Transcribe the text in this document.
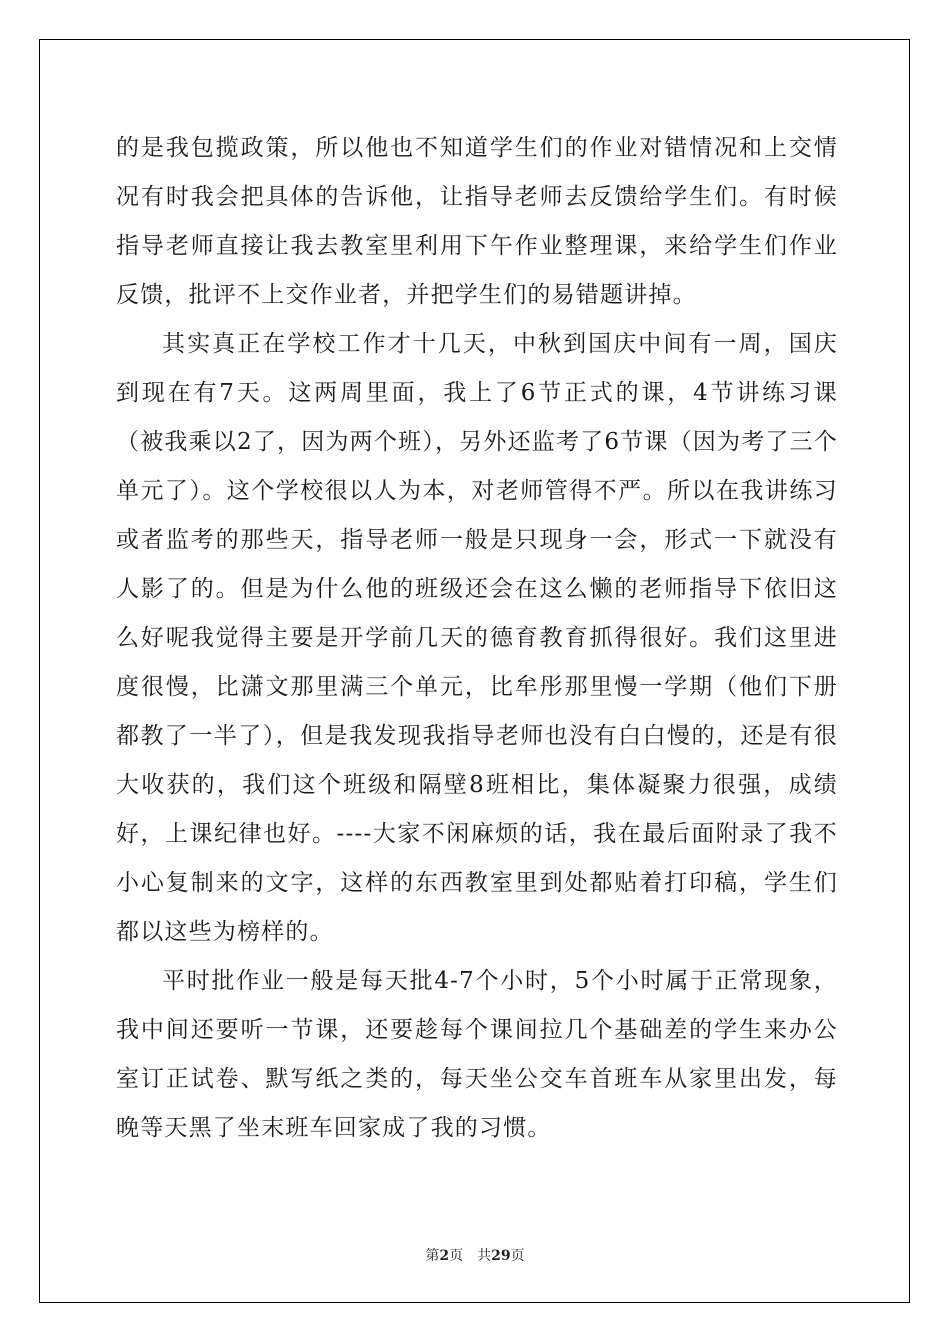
的是我包揽政策，所以他也不知道学生们的作业对错情况和上交情况有时我会把具体的告诉他，让指导老师去反馈给学生们。有时候指导老师直接让我去教室里利用下午作业整理课，来给学生们作业反馈，批评不上交作业者，并把学生们的易错题讲掉。

其实真正在学校工作才十几天，中秋到国庆中间有一周，国庆到现在有7天。这两周里面，我上了6节正式的课，4节讲练习课（被我乘以2了，因为两个班），另外还监考了6节课（因为考了三个单元了）。这个学校很以人为本，对老师管得不严。所以在我讲练习或者监考的那些天，指导老师一般是只现身一会，形式一下就没有人影了的。但是为什么他的班级还会在这么懒的老师指导下依旧这么好呢我觉得主要是开学前几天的德育教育抓得很好。我们这里进度很慢，比潇文那里满三个单元，比牟彤那里慢一学期（他们下册都教了一半了），但是我发现我指导老师也没有白白慢的，还是有很大收获的，我们这个班级和隔壁8班相比，集体凝聚力很强，成绩好，上课纪律也好。----大家不闲麻烦的话，我在最后面附录了我不小心复制来的文字，这样的东西教室里到处都贴着打印稿，学生们都以这些为榜样的。

平时批作业一般是每天批4-7个小时，5个小时属于正常现象，我中间还要听一节课，还要趁每个课间拉几个基础差的学生来办公室订正试卷、默写纸之类的，每天坐公交车首班车从家里出发，每晚等天黑了坐末班车回家成了我的习惯。

第2页 共29页
